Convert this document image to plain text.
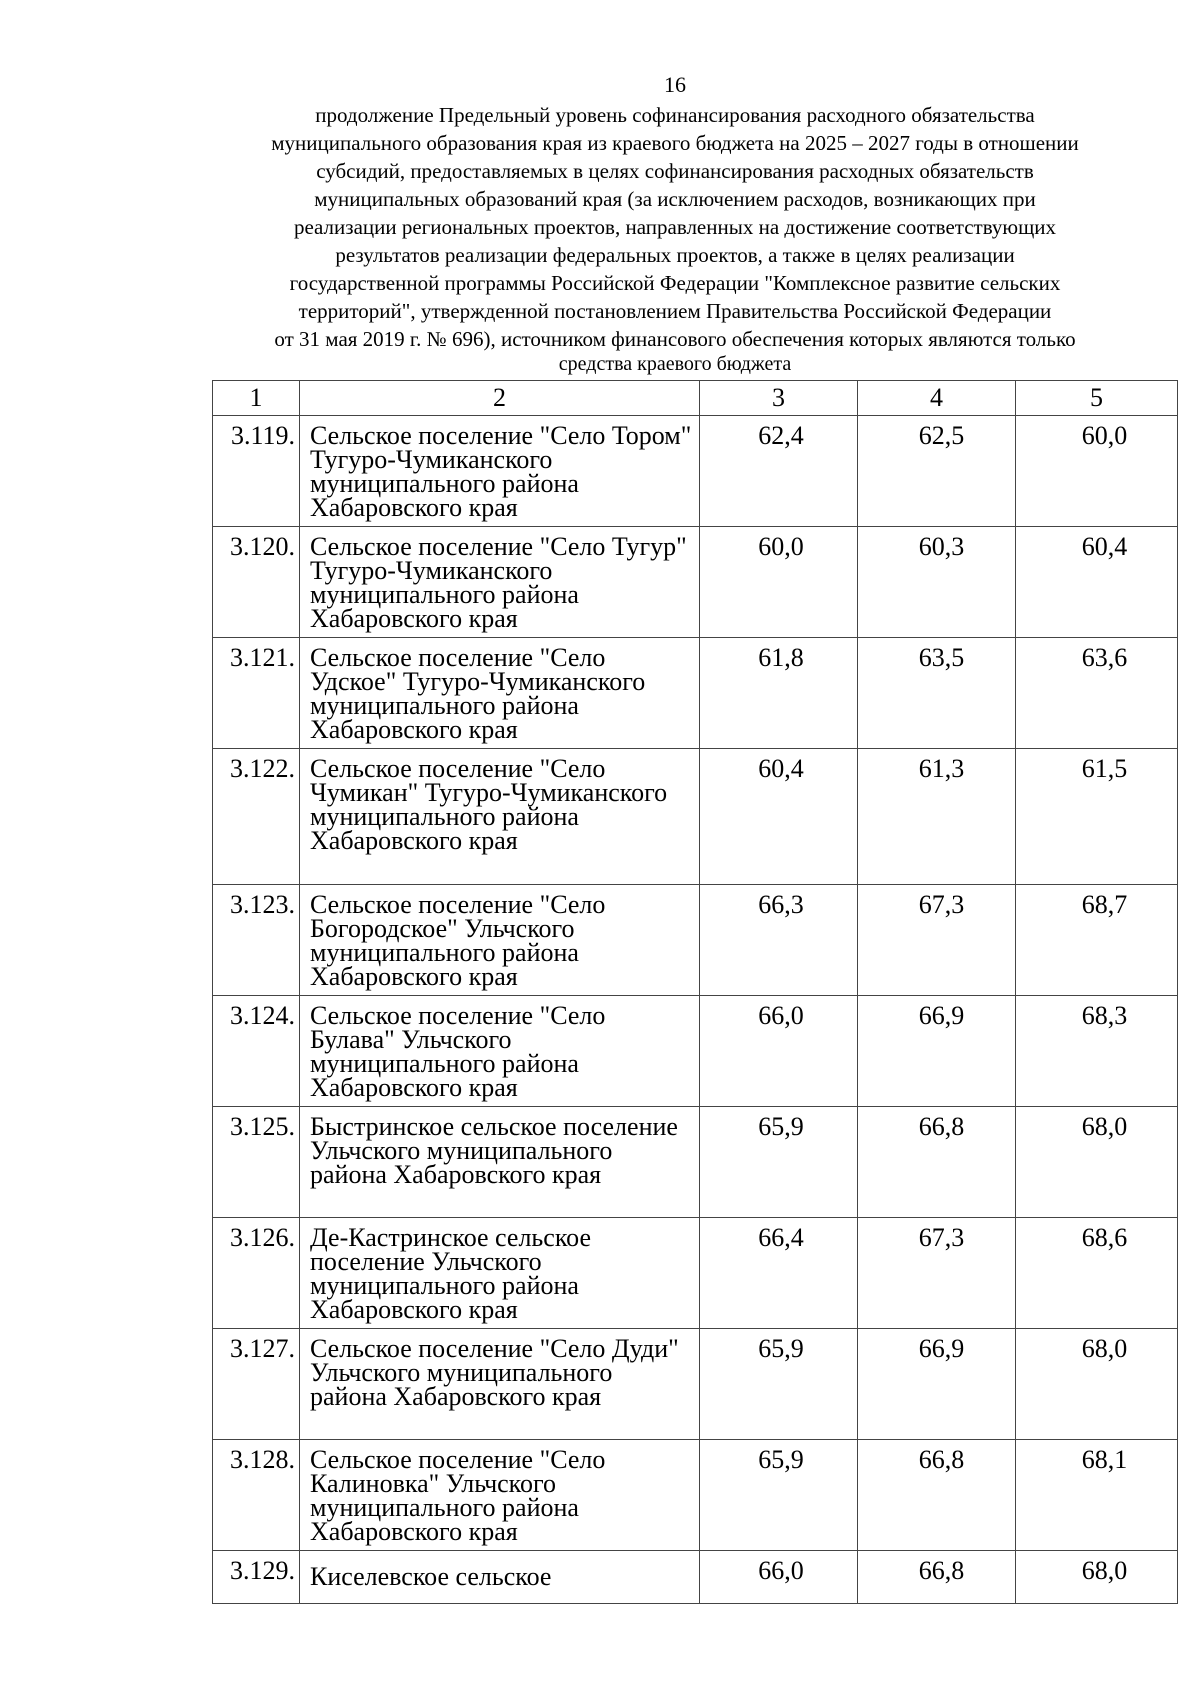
16
продолжение Предельный уровень софинансирования расходного обязательства
муниципального образования края из краевого бюджета на 2025 – 2027 годы в отношении
субсидий, предоставляемых в целях софинансирования расходных обязательств
муниципальных образований края (за исключением расходов, возникающих при
реализации региональных проектов, направленных на достижение соответствующих
результатов реализации федеральных проектов, а также в целях реализации
государственной программы Российской Федерации "Комплексное развитие сельских
территорий", утвержденной постановлением Правительства Российской Федерации
от 31 мая 2019 г. № 696), источником финансового обеспечения которых являются только
средства краевого бюджета
1	2	3	4	5
3.119.	Сельское поселение "Село Тором" Тугуро-Чумиканского муниципального района Хабаровского края	62,4	62,5	60,0
3.120.	Сельское поселение "Село Тугур" Тугуро-Чумиканского муниципального района Хабаровского края	60,0	60,3	60,4
3.121.	Сельское поселение "Село Удское" Тугуро-Чумиканского муниципального района Хабаровского края	61,8	63,5	63,6
3.122.	Сельское поселение "Село Чумикан" Тугуро-Чумиканского муниципального района Хабаровского края	60,4	61,3	61,5
3.123.	Сельское поселение "Село Богородское" Ульчского муниципального района Хабаровского края	66,3	67,3	68,7
3.124.	Сельское поселение "Село Булава" Ульчского муниципального района Хабаровского края	66,0	66,9	68,3
3.125.	Быстринское сельское поселение Ульчского муниципального района Хабаровского края	65,9	66,8	68,0
3.126.	Де-Кастринское сельское поселение Ульчского муниципального района Хабаровского края	66,4	67,3	68,6
3.127.	Сельское поселение "Село Дуди" Ульчского муниципального района Хабаровского края	65,9	66,9	68,0
3.128.	Сельское поселение "Село Калиновка" Ульчского муниципального района Хабаровского края	65,9	66,8	68,1
3.129.	Киселевское сельское	66,0	66,8	68,0
